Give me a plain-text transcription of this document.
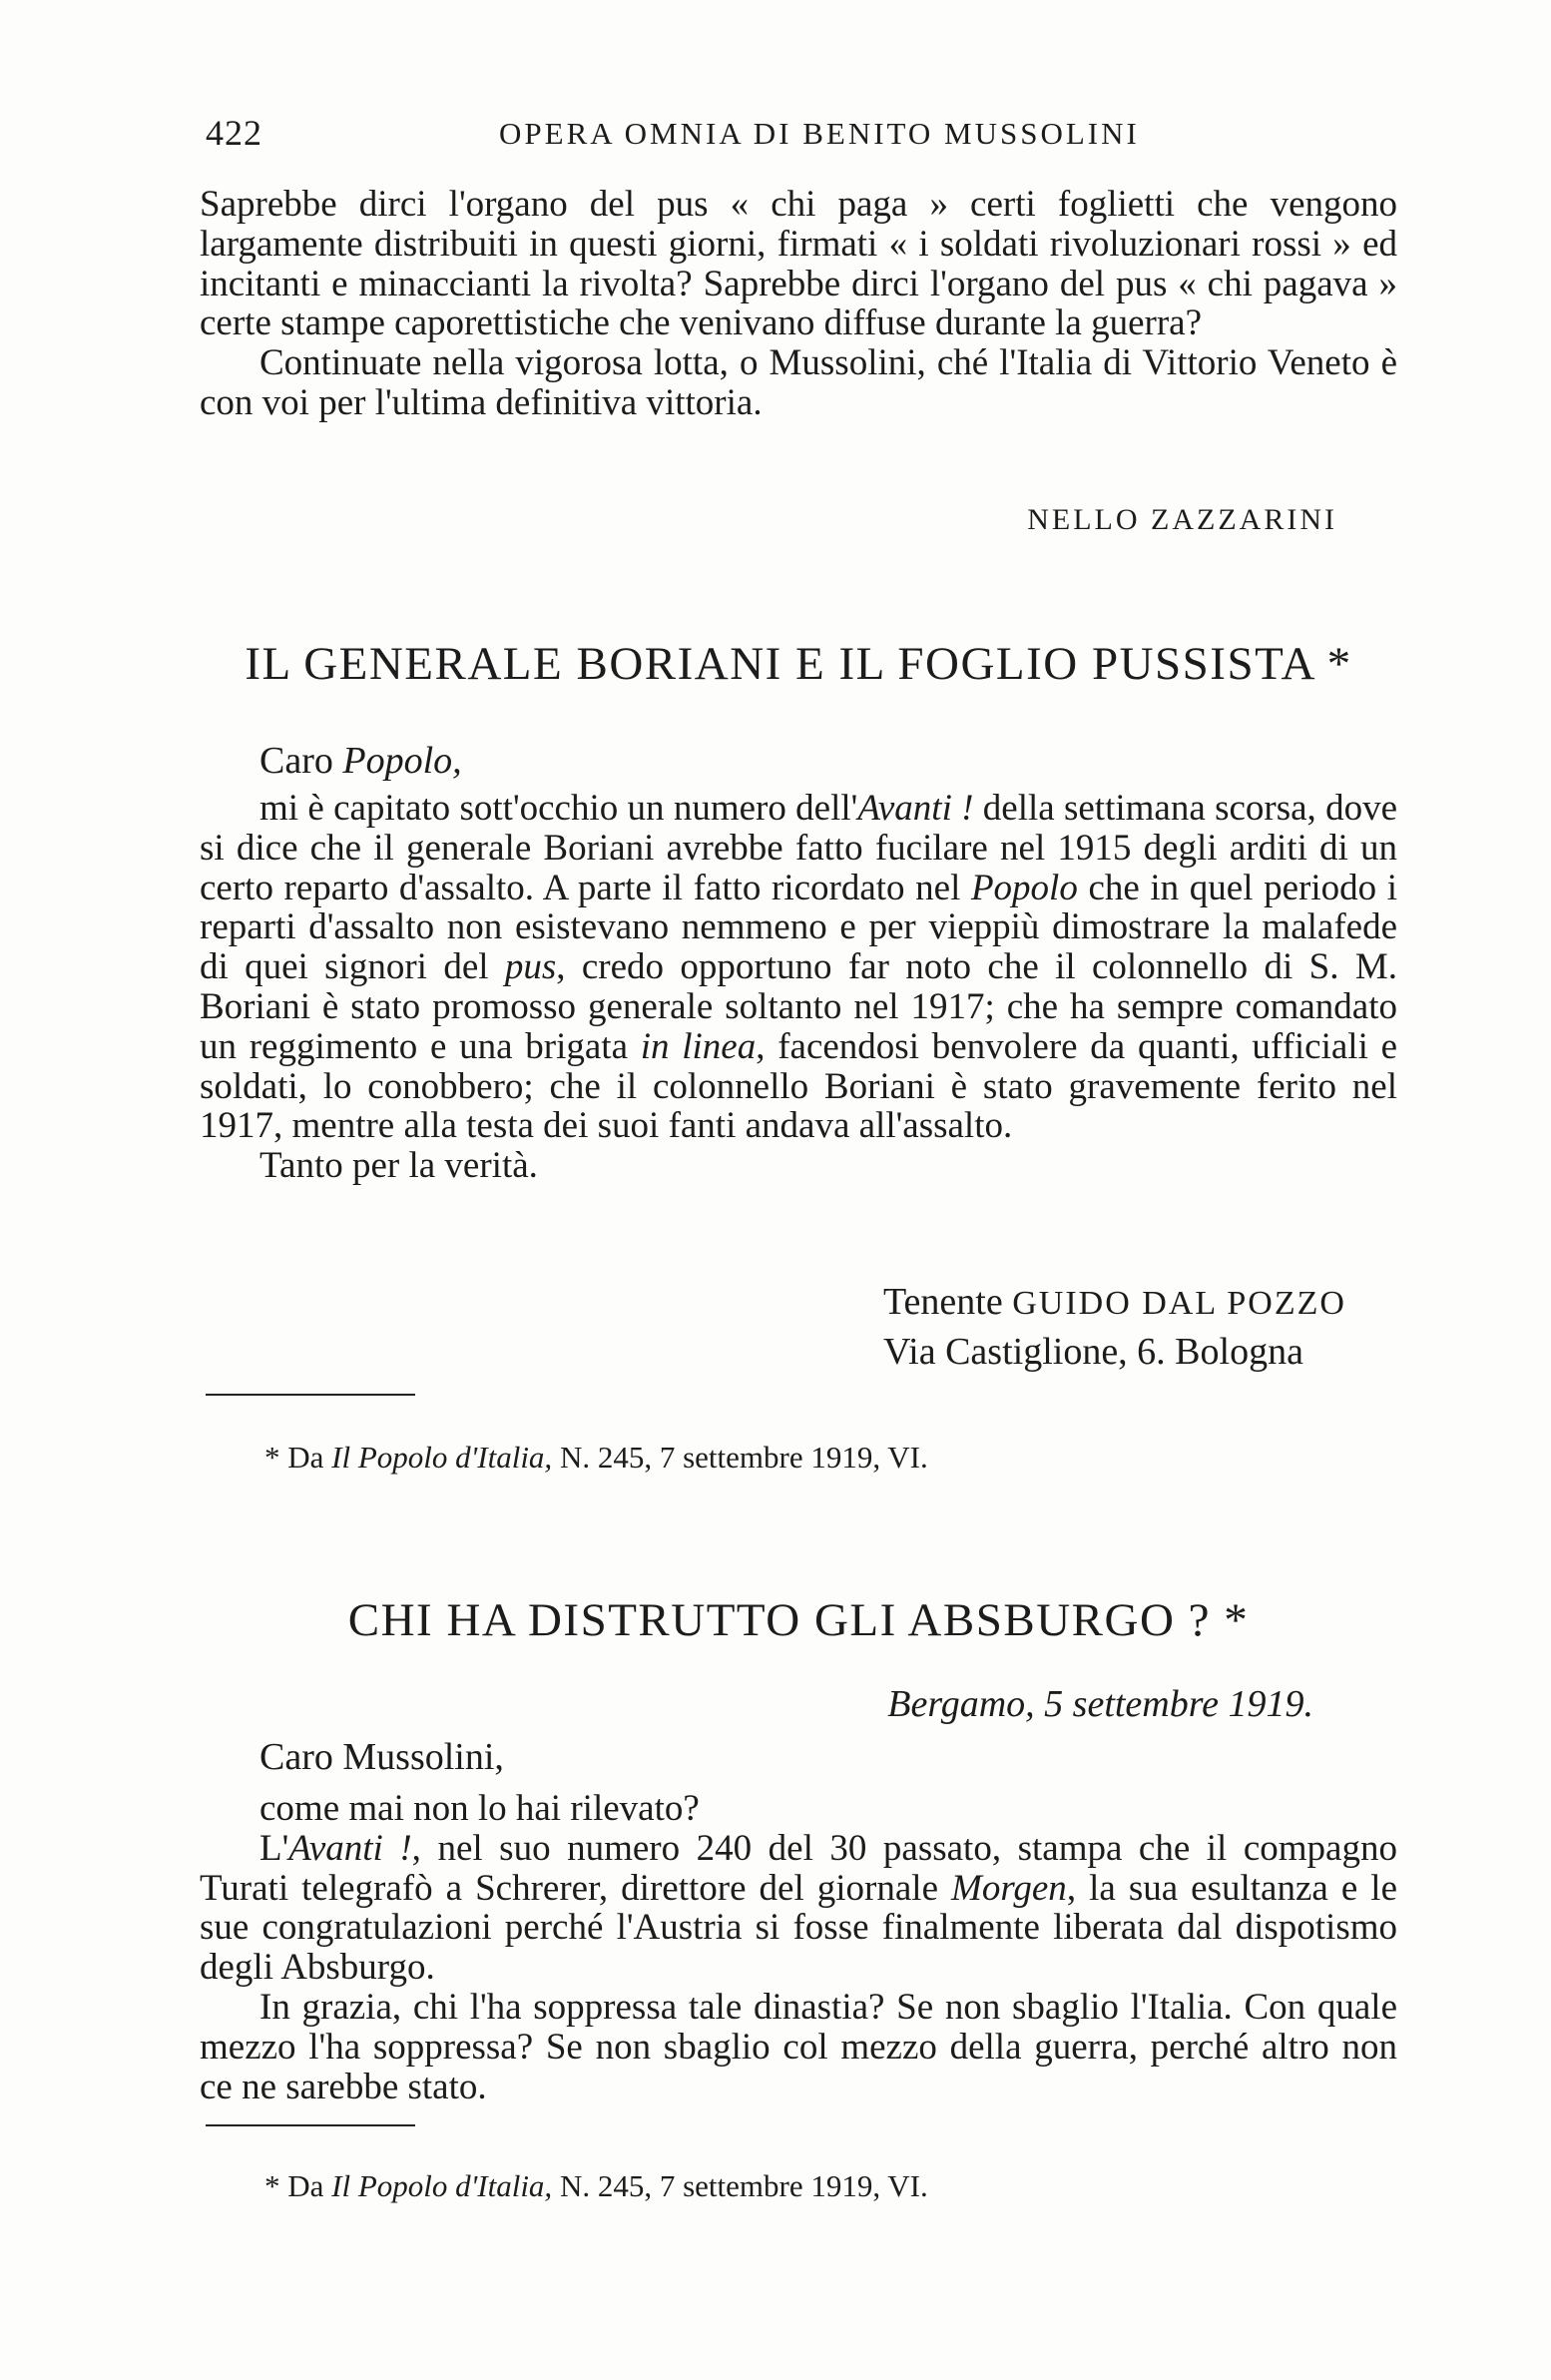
422	OPERA OMNIA DI BENITO MUSSOLINI

Saprebbe dirci l'organo del pus « chi paga » certi foglietti che vengono largamente distribuiti in questi giorni, firmati « i soldati rivoluzionari rossi » ed incitanti e minaccianti la rivolta? Saprebbe dirci l'organo del pus « chi pagava » certe stampe caporettistiche che venivano diffuse durante la guerra?

Continuate nella vigorosa lotta, o Mussolini, ché l'Italia di Vittorio Veneto è con voi per l'ultima definitiva vittoria.

NELLO ZAZZARINI
IL GENERALE BORIANI E IL FOGLIO PUSSISTA *

Caro Popolo,

mi è capitato sott'occhio un numero dell'Avanti ! della settimana scorsa, dove si dice che il generale Boriani avrebbe fatto fucilare nel 1915 degli arditi di un certo reparto d'assalto. A parte il fatto ricordato nel Popolo che in quel periodo i reparti d'assalto non esistevano nemmeno e per vieppiù dimostrare la malafede di quei signori del pus, credo opportuno far noto che il colonnello di S. M. Boriani è stato promosso generale soltanto nel 1917; che ha sempre comandato un reggimento e una brigata in linea, facendosi benvolere da quanti, ufficiali e soldati, lo conobbero; che il colonnello Boriani è stato gravemente ferito nel 1917, mentre alla testa dei suoi fanti andava all'assalto.

Tanto per la verità.

Tenente GUIDO DAL POZZO
Via Castiglione, 6. Bologna
* Da Il Popolo d'Italia, N. 245, 7 settembre 1919, VI.
CHI HA DISTRUTTO GLI ABSBURGO ? *
Bergamo, 5 settembre 1919.

Caro Mussolini,

come mai non lo hai rilevato?

L'Avanti !, nel suo numero 240 del 30 passato, stampa che il compagno Turati telegrafò a Schrerer, direttore del giornale Morgen, la sua esultanza e le sue congratulazioni perché l'Austria si fosse finalmente liberata dal dispotismo degli Absburgo.

In grazia, chi l'ha soppressa tale dinastia? Se non sbaglio l'Italia. Con quale mezzo l'ha soppressa? Se non sbaglio col mezzo della guerra, perché altro non ce ne sarebbe stato.

* Da Il Popolo d'Italia, N. 245, 7 settembre 1919, VI.
